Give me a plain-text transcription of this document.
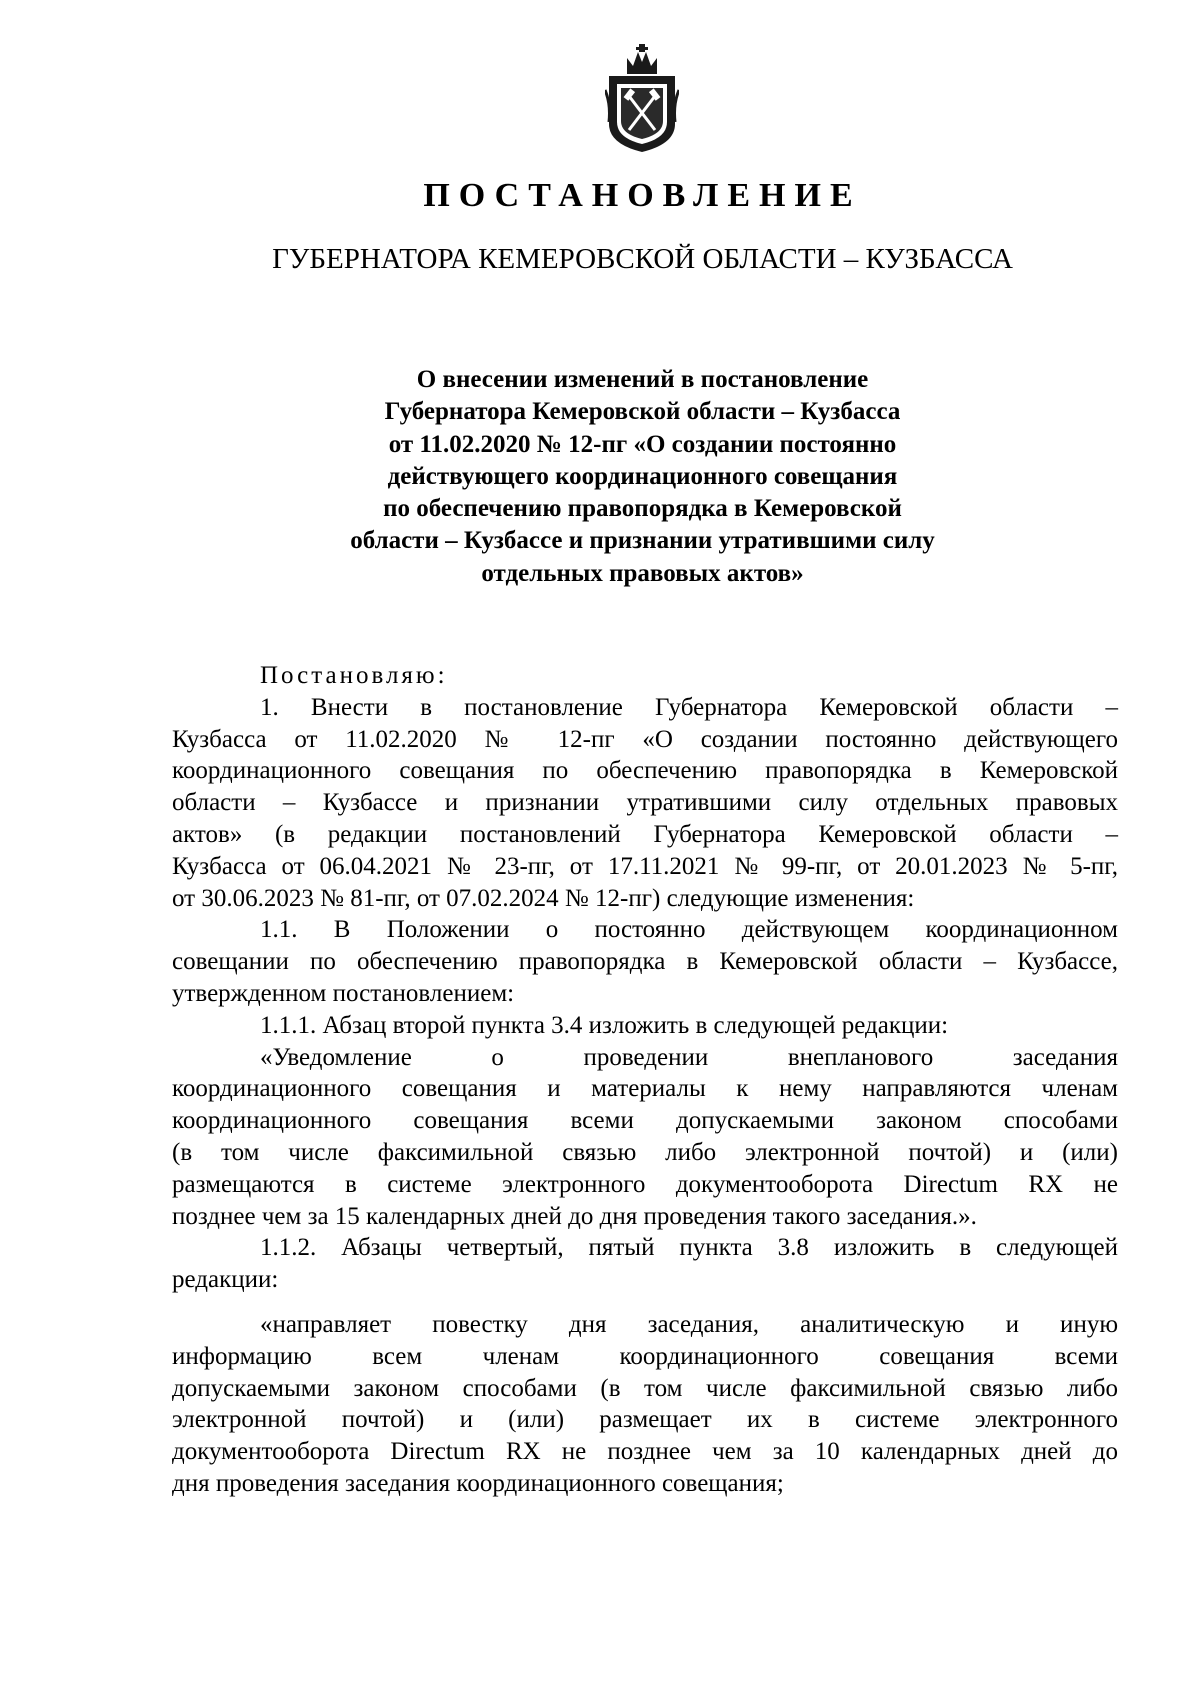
ПОСТАНОВЛЕНИЕ
ГУБЕРНАТОРА КЕМЕРОВСКОЙ ОБЛАСТИ – КУЗБАССА
О внесении изменений в постановление
Губернатора Кемеровской области – Кузбасса
от 11.02.2020 № 12-пг «О создании постоянно
действующего координационного совещания
по обеспечению правопорядка в Кемеровской
области – Кузбассе и признании утратившими силу
отдельных правовых актов»
Постановляю:
1. Внести в постановление Губернатора Кемеровской области –
Кузбасса от 11.02.2020 № 12-пг «О создании постоянно действующего
координационного совещания по обеспечению правопорядка в Кемеровской
области – Кузбассе и признании утратившими силу отдельных правовых
актов» (в редакции постановлений Губернатора Кемеровской области –
Кузбасса от 06.04.2021 № 23-пг, от 17.11.2021 № 99-пг, от 20.01.2023 № 5-пг,
от 30.06.2023 № 81-пг, от 07.02.2024 № 12-пг) следующие изменения:
1.1. В Положении о постоянно действующем координационном
совещании по обеспечению правопорядка в Кемеровской области – Кузбассе,
утвержденном постановлением:
1.1.1. Абзац второй пункта 3.4 изложить в следующей редакции:
«Уведомление о проведении внепланового заседания
координационного совещания и материалы к нему направляются членам
координационного совещания всеми допускаемыми законом способами
(в том числе факсимильной связью либо электронной почтой) и (или)
размещаются в системе электронного документооборота Directum RX не
позднее чем за 15 календарных дней до дня проведения такого заседания.».
1.1.2. Абзацы четвертый, пятый пункта 3.8 изложить в следующей
редакции:
«направляет повестку дня заседания, аналитическую и иную
информацию всем членам координационного совещания всеми
допускаемыми законом способами (в том числе факсимильной связью либо
электронной почтой) и (или) размещает их в системе электронного
документооборота Directum RX не позднее чем за 10 календарных дней до
дня проведения заседания координационного совещания;
